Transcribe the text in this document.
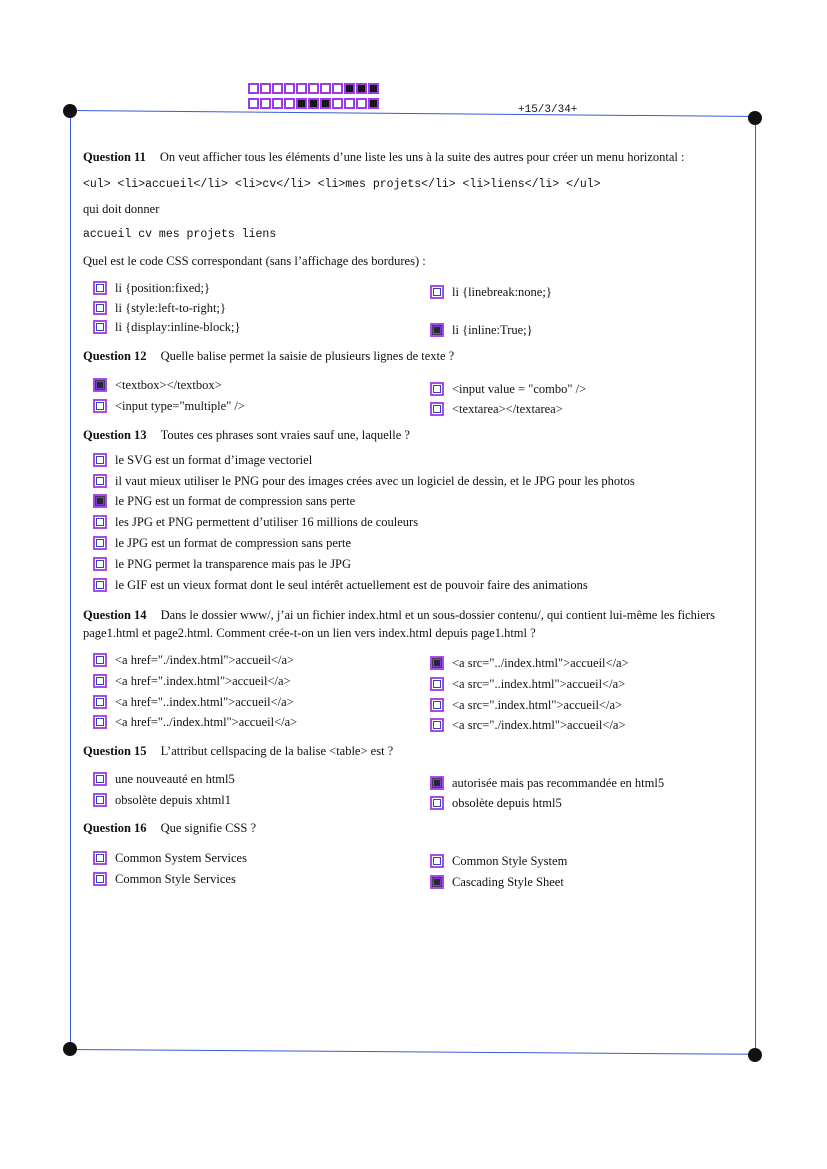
+15/3/34+
Question 11 On veut afficher tous les éléments d’une liste les uns à la suite des autres pour créer un menu horizontal :
<ul> <li>accueil</li> <li>cv</li> <li>mes projets</li> <li>liens</li> </ul>
qui doit donner
accueil cv mes projets liens
Quel est le code CSS correspondant (sans l’affichage des bordures) :
li {position:fixed;}	li {linebreak:none;}
li {style:left-to-right;}
li {display:inline-block;}	li {inline:True;}
Question 12 Quelle balise permet la saisie de plusieurs lignes de texte ?
<textbox></textbox>	<input value = "combo" />
<input type="multiple" />	<textarea></textarea>
Question 13 Toutes ces phrases sont vraies sauf une, laquelle ?
le SVG est un format d’image vectoriel
il vaut mieux utiliser le PNG pour des images crées avec un logiciel de dessin, et le JPG pour les photos
le PNG est un format de compression sans perte
les JPG et PNG permettent d’utiliser 16 millions de couleurs
le JPG est un format de compression sans perte
le PNG permet la transparence mais pas le JPG
le GIF est un vieux format dont le seul intérêt actuellement est de pouvoir faire des animations
Question 14 Dans le dossier www/, j’ai un fichier index.html et un sous-dossier contenu/, qui contient lui-même les fichiers
page1.html et page2.html. Comment crée-t-on un lien vers index.html depuis page1.html ?
<a href="./index.html">accueil</a>	<a src="../index.html">accueil</a>
<a href=".index.html">accueil</a>	<a src="..index.html">accueil</a>
<a href="..index.html">accueil</a>	<a src=".index.html">accueil</a>
<a href="../index.html">accueil</a>	<a src="./index.html">accueil</a>
Question 15 L’attribut cellspacing de la balise <table> est ?
une nouveauté en html5	autorisée mais pas recommandée en html5
obsolète depuis xhtml1	obsolète depuis html5
Question 16 Que signifie CSS ?
Common System Services	Common Style System
Common Style Services	Cascading Style Sheet
